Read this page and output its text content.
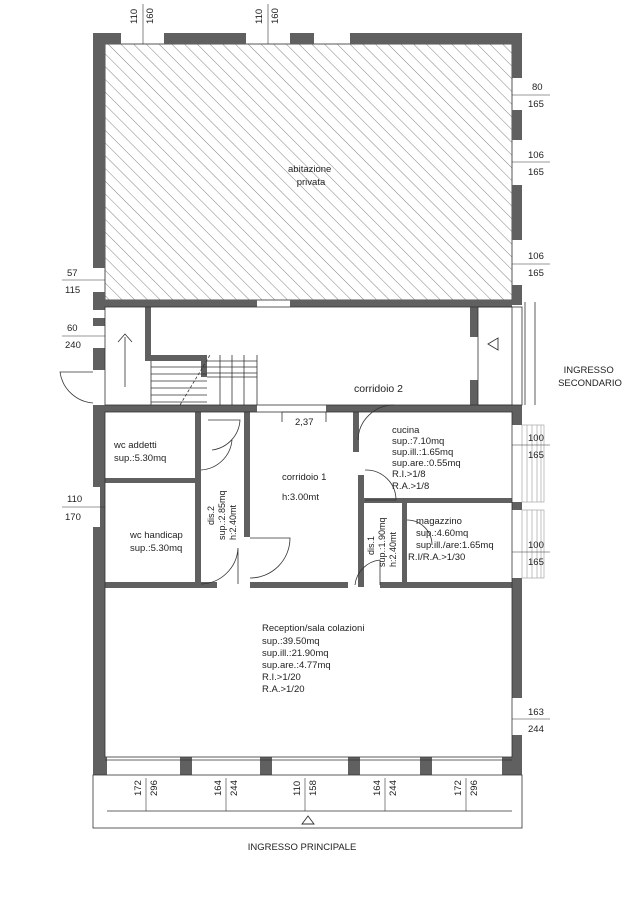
abitazione privata
corridoio 2
corridoio 1 h:3.00mt
wc addetti sup.:5.30mq
wc handicap sup.:5.30mq
dis.2 sup.:2.85mq h:2.40mt
cucina sup.:7.10mq sup.ill.:1.65mq sup.are.:0.55mq R.I.>1/8 R.A.>1/8
dis.1 sup.:1.90mq h:2.40mt
magazzino sup.:4.60mq sup.ill./are:1.65mq R.I/R.A.>1/30
Reception/sala colazioni sup.:39.50mq sup.ill.:21.90mq sup.are.:4.77mq R.I.>1/20 R.A.>1/20
INGRESSO SECONDARIO
INGRESSO PRINCIPALE
110 160	110 160
80
165
106
165
106
165
57
115
60
240
110
170
100
165
100
165
163
244
2,37
172 296	164 244	110 158	164 244	172 296
